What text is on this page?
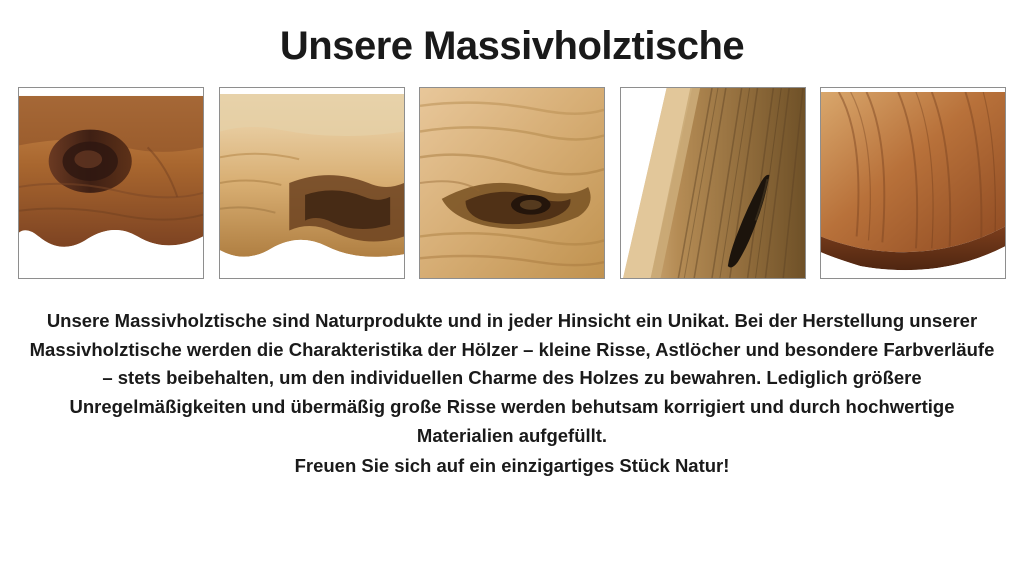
Unsere Massivholztische

Unsere Massivholztische sind Naturprodukte und in jeder Hinsicht ein Unikat. Bei der Herstellung unserer Massivholztische werden die Charakteristika der Hölzer – kleine Risse, Astlöcher und besondere Farbverläufe – stets beibehalten, um den individuellen Charme des Holzes zu bewahren. Lediglich größere Unregelmäßigkeiten und übermäßig große Risse werden behutsam korrigiert und durch hochwertige Materialien aufgefüllt.

Freuen Sie sich auf ein einzigartiges Stück Natur!
